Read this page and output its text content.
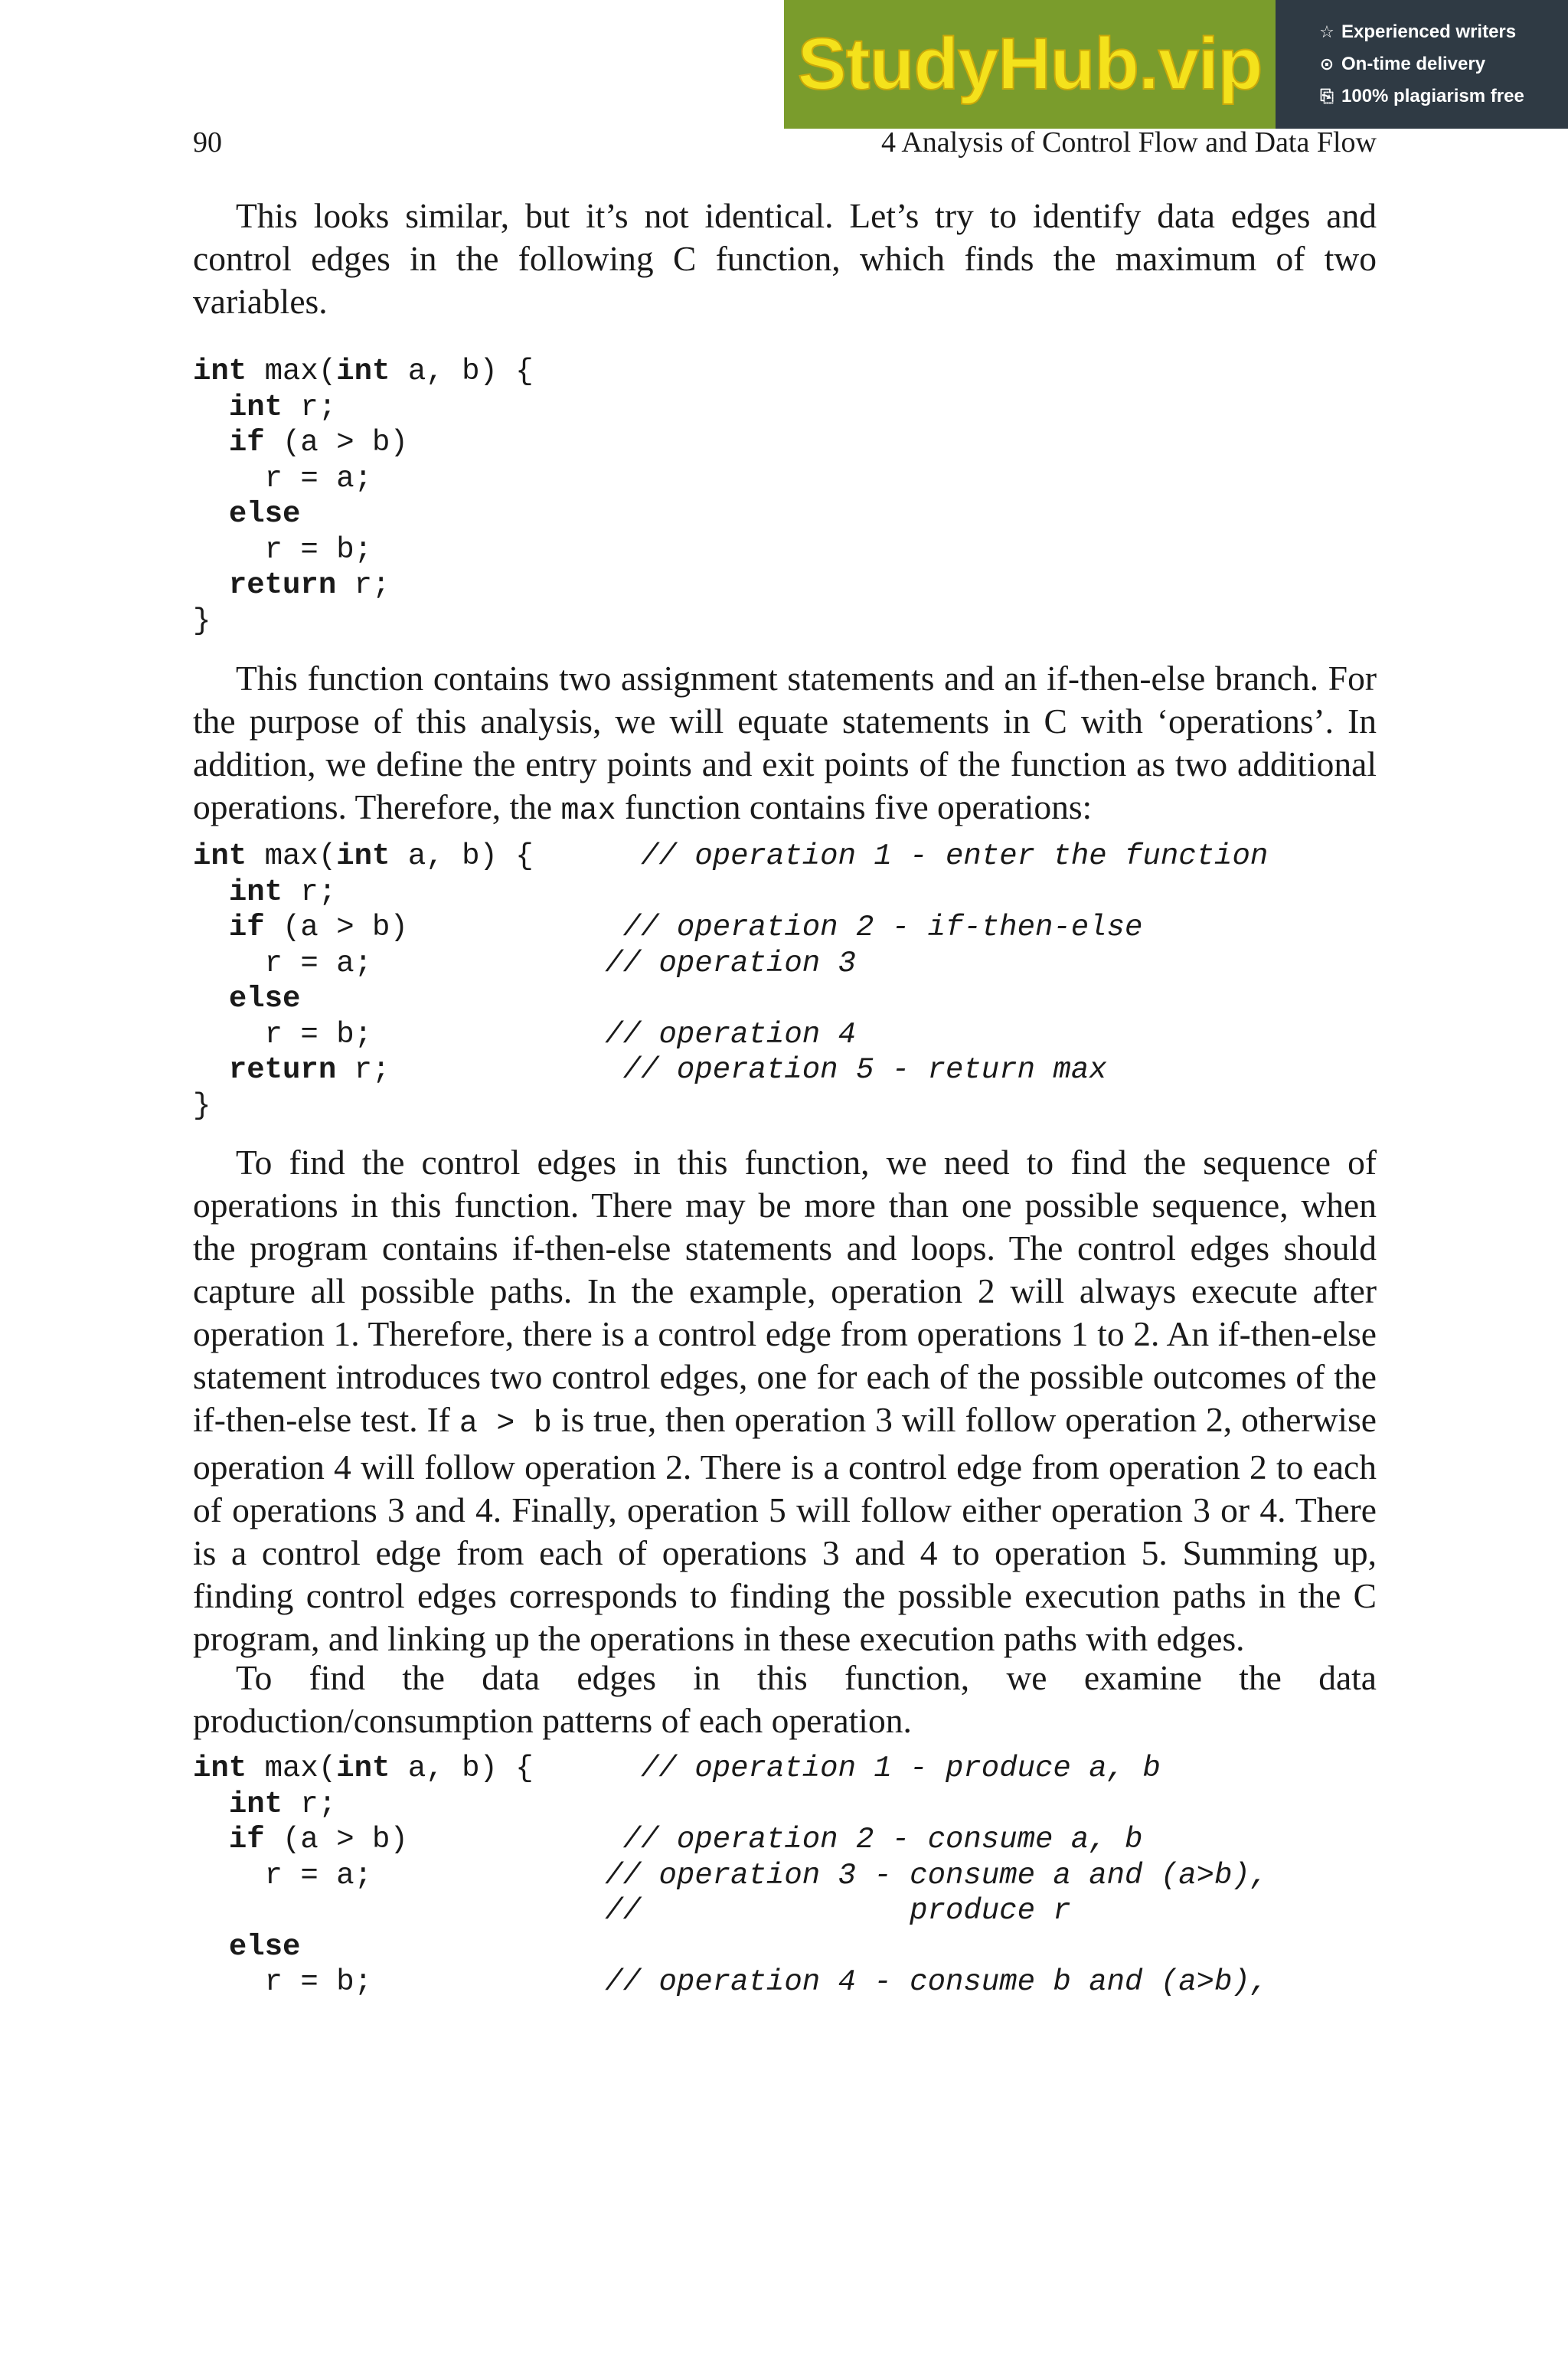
StudyHub.vip	☆ Experienced writers
⊙ On-time delivery
⎘ 100% plagiarism free
90	4 Analysis of Control Flow and Data Flow

This looks similar, but it’s not identical. Let’s try to identify data edges and control edges in the following C function, which finds the maximum of two variables.

int max(int a, b) {
int r;
if (a > b)
r = a;
else
r = b;
return r;
}

This function contains two assignment statements and an if-then-else branch. For the purpose of this analysis, we will equate statements in C with ‘operations’. In addition, we define the entry points and exit points of the function as two additional operations. Therefore, the max function contains five operations:

int max(int a, b) {      // operation 1 - enter the function
int r;
if (a > b)            // operation 2 - if-then-else
r = a;             // operation 3
else
r = b;             // operation 4
return r;             // operation 5 - return max
}

To find the control edges in this function, we need to find the sequence of operations in this function. There may be more than one possible sequence, when the program contains if-then-else statements and loops. The control edges should capture all possible paths. In the example, operation 2 will always execute after operation 1. Therefore, there is a control edge from operations 1 to 2. An if-then-else statement introduces two control edges, one for each of the possible outcomes of the if-then-else test. If a > b is true, then operation 3 will follow operation 2, otherwise operation 4 will follow operation 2. There is a control edge from operation 2 to each of operations 3 and 4. Finally, operation 5 will follow either operation 3 or 4. There is a control edge from each of operations 3 and 4 to operation 5. Summing up, finding control edges corresponds to finding the possible execution paths in the C program, and linking up the operations in these execution paths with edges.

To find the data edges in this function, we examine the data production/consumption patterns of each operation.

int max(int a, b) {      // operation 1 - produce a, b
int r;
if (a > b)            // operation 2 - consume a, b
r = a;             // operation 3 - consume a and (a>b),
//               produce r
else
r = b;             // operation 4 - consume b and (a>b),
